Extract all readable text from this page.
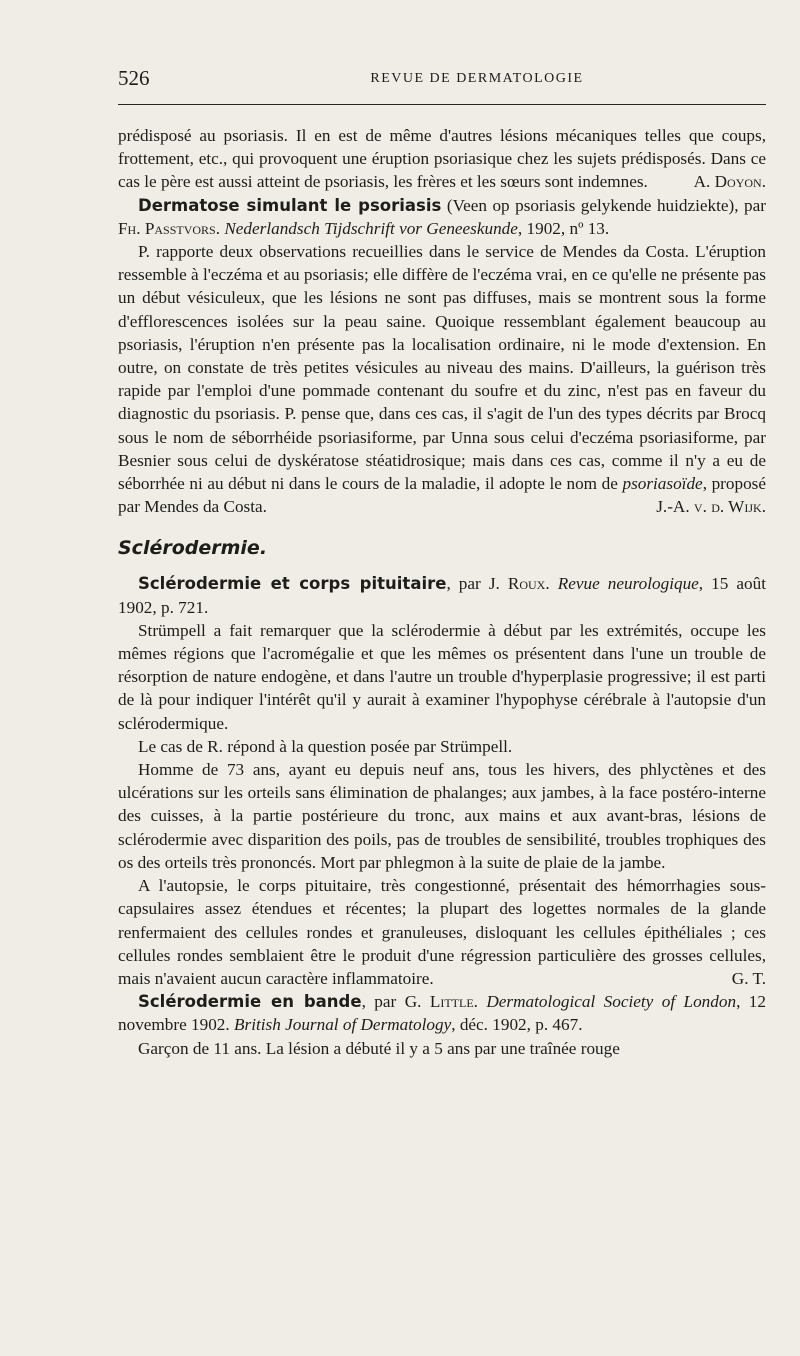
526	REVUE DE DERMATOLOGIE

prédisposé au psoriasis. Il en est de même d'autres lésions mécaniques telles que coups, frottement, etc., qui provoquent une éruption psoriasique chez les sujets prédisposés. Dans ce cas le père est aussi atteint de psoriasis, les frères et les sœurs sont indemnes.	A. Doyon.

Dermatose simulant le psoriasis (Veen op psoriasis gelykende huidziekte), par Fh. Passtvors. Nederlandsch Tijdschrift vor Geneeskunde, 1902, nº 13.

P. rapporte deux observations recueillies dans le service de Mendes da Costa. L'éruption ressemble à l'eczéma et au psoriasis; elle diffère de l'eczéma vrai, en ce qu'elle ne présente pas un début vésiculeux, que les lésions ne sont pas diffuses, mais se montrent sous la forme d'efflorescences isolées sur la peau saine. Quoique ressemblant également beaucoup au psoriasis, l'éruption n'en présente pas la localisation ordinaire, ni le mode d'extension. En outre, on constate de très petites vésicules au niveau des mains. D'ailleurs, la guérison très rapide par l'emploi d'une pommade contenant du soufre et du zinc, n'est pas en faveur du diagnostic du psoriasis. P. pense que, dans ces cas, il s'agit de l'un des types décrits par Brocq sous le nom de séborrhéide psoriasiforme, par Unna sous celui d'eczéma psoriasiforme, par Besnier sous celui de dyskératose stéatidrosique; mais dans ces cas, comme il n'y a eu de séborrhée ni au début ni dans le cours de la maladie, il adopte le nom de psoriasoïde, proposé par Mendes da Costa.	J.-A. v. d. Wijk.

Sclérodermie.

Sclérodermie et corps pituitaire, par J. Roux. Revue neurologique, 15 août 1902, p. 721.

Strümpell a fait remarquer que la sclérodermie à début par les extrémités, occupe les mêmes régions que l'acromégalie et que les mêmes os présentent dans l'une un trouble de résorption de nature endogène, et dans l'autre un trouble d'hyperplasie progressive; il est parti de là pour indiquer l'intérêt qu'il y aurait à examiner l'hypophyse cérébrale à l'autopsie d'un sclérodermique.

Le cas de R. répond à la question posée par Strümpell.

Homme de 73 ans, ayant eu depuis neuf ans, tous les hivers, des phlyctènes et des ulcérations sur les orteils sans élimination de phalanges; aux jambes, à la face postéro-interne des cuisses, à la partie postérieure du tronc, aux mains et aux avant-bras, lésions de sclérodermie avec disparition des poils, pas de troubles de sensibilité, troubles trophiques des os des orteils très prononcés. Mort par phlegmon à la suite de plaie de la jambe.

A l'autopsie, le corps pituitaire, très congestionné, présentait des hémorrhagies sous-capsulaires assez étendues et récentes; la plupart des logettes normales de la glande renfermaient des cellules rondes et granuleuses, disloquant les cellules épithéliales ; ces cellules rondes semblaient être le produit d'une régression particulière des grosses cellules, mais n'avaient aucun caractère inflammatoire.	G. T.

Sclérodermie en bande, par G. Little. Dermatological Society of London, 12 novembre 1902. British Journal of Dermatology, déc. 1902, p. 467.

Garçon de 11 ans. La lésion a débuté il y a 5 ans par une traînée rouge
